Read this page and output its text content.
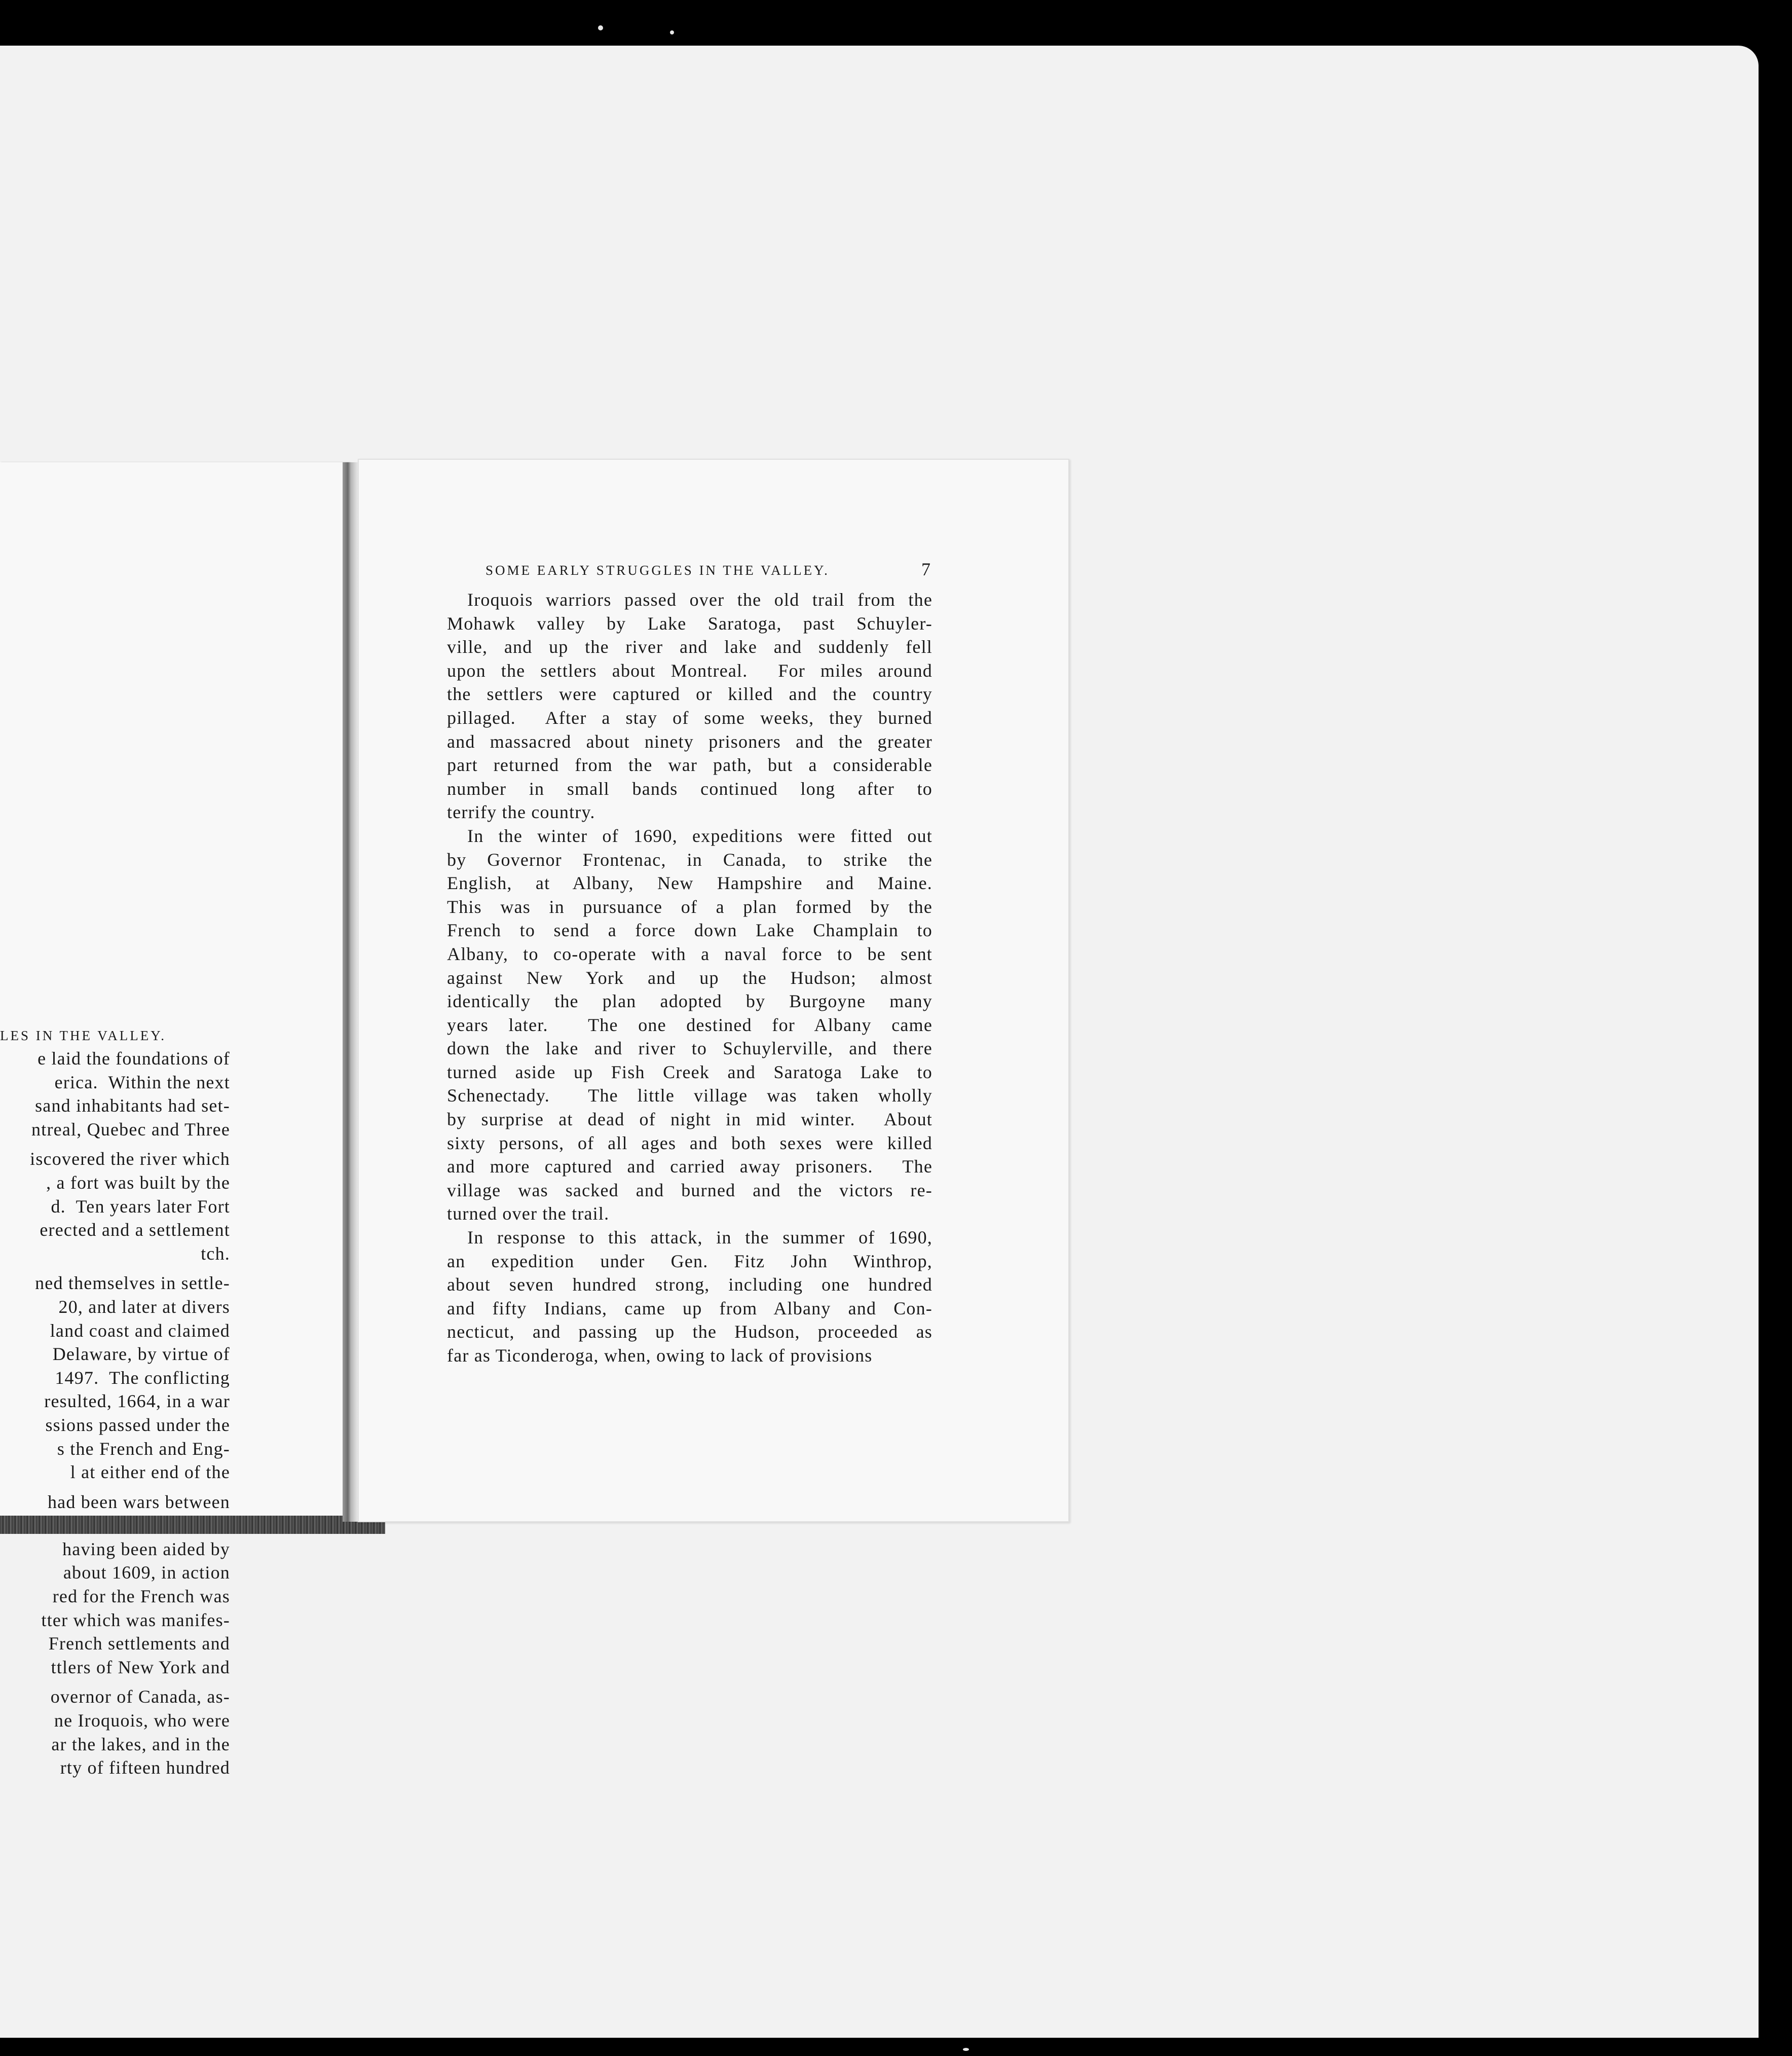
LES IN THE VALLEY.
e laid the foundations of
erica.  Within the next
sand inhabitants had set-
ntreal, Quebec and Three
iscovered the river which
, a fort was built by the
d.  Ten years later Fort
erected and a settlement
tch.
ned themselves in settle-
20, and later at divers
land coast and claimed
Delaware, by virtue of
1497.  The conflicting
resulted, 1664, in a war
ssions passed under the
s the French and Eng-
l at either end of the
had been wars between
having been aided by
about 1609, in action
red for the French was
tter which was manifes-
French settlements and
ttlers of New York and
overnor of Canada, as-
ne Iroquois, who were
ar the lakes, and in the
rty of fifteen hundred
SOME EARLY STRUGGLES IN THE VALLEY.	7
Iroquois warriors passed over the old trail from the
Mohawk valley by Lake Saratoga, past Schuyler-
ville, and up the river and lake and suddenly fell
upon the settlers about Montreal.  For miles around
the settlers were captured or killed and the country
pillaged.  After a stay of some weeks, they burned
and massacred about ninety prisoners and the greater
part returned from the war path, but a considerable
number in small bands continued long after to
terrify the country.
In the winter of 1690, expeditions were fitted out
by Governor Frontenac, in Canada, to strike the
English, at Albany, New Hampshire and Maine.
This was in pursuance of a plan formed by the
French to send a force down Lake Champlain to
Albany, to co-operate with a naval force to be sent
against New York and up the Hudson; almost
identically the plan adopted by Burgoyne many
years later.  The one destined for Albany came
down the lake and river to Schuylerville, and there
turned aside up Fish Creek and Saratoga Lake to
Schenectady.  The little village was taken wholly
by surprise at dead of night in mid winter.  About
sixty persons, of all ages and both sexes were killed
and more captured and carried away prisoners.  The
village was sacked and burned and the victors re-
turned over the trail.
In response to this attack, in the summer of 1690,
an expedition under Gen. Fitz John Winthrop,
about seven hundred strong, including one hundred
and fifty Indians, came up from Albany and Con-
necticut, and passing up the Hudson, proceeded as
far as Ticonderoga, when, owing to lack of provisions
